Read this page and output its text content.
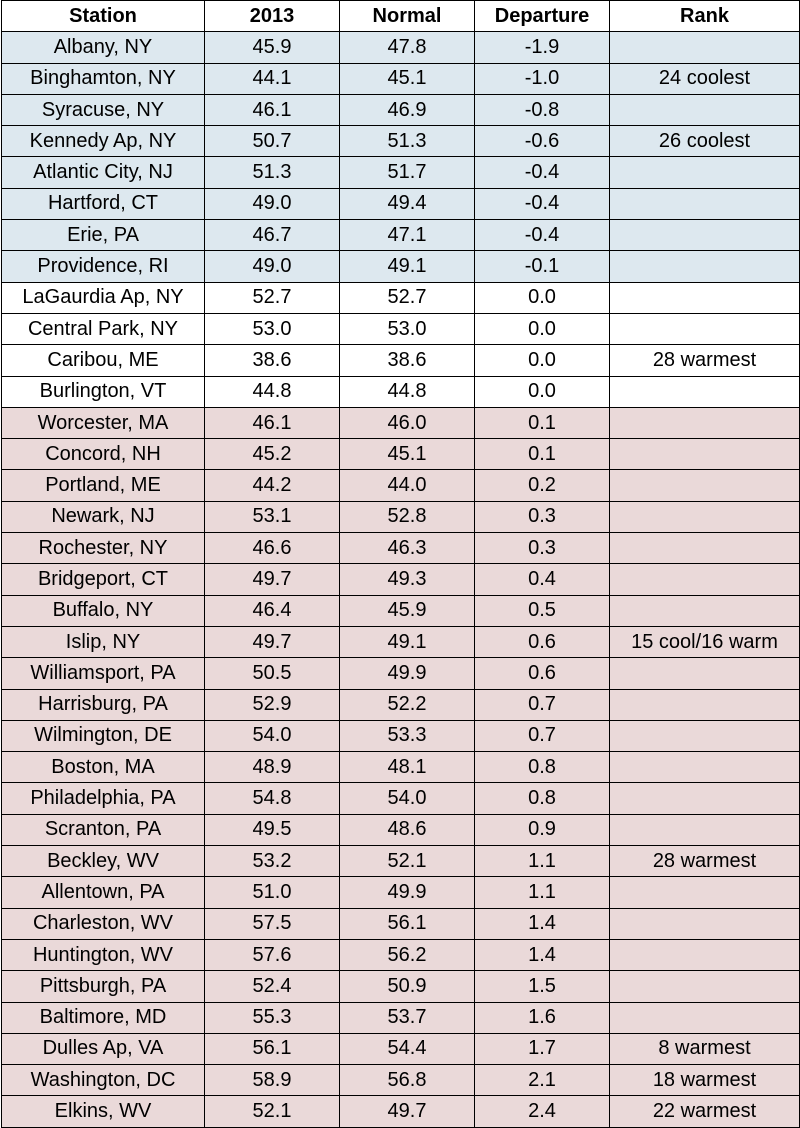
Station	2013	Normal	Departure	Rank
Albany, NY	45.9	47.8	-1.9	
Binghamton, NY	44.1	45.1	-1.0	24 coolest
Syracuse, NY	46.1	46.9	-0.8	
Kennedy Ap, NY	50.7	51.3	-0.6	26 coolest
Atlantic City, NJ	51.3	51.7	-0.4	
Hartford, CT	49.0	49.4	-0.4	
Erie, PA	46.7	47.1	-0.4	
Providence, RI	49.0	49.1	-0.1	
LaGaurdia Ap, NY	52.7	52.7	0.0	
Central Park, NY	53.0	53.0	0.0	
Caribou, ME	38.6	38.6	0.0	28 warmest
Burlington, VT	44.8	44.8	0.0	
Worcester, MA	46.1	46.0	0.1	
Concord, NH	45.2	45.1	0.1	
Portland, ME	44.2	44.0	0.2	
Newark, NJ	53.1	52.8	0.3	
Rochester, NY	46.6	46.3	0.3	
Bridgeport, CT	49.7	49.3	0.4	
Buffalo, NY	46.4	45.9	0.5	
Islip, NY	49.7	49.1	0.6	15 cool/16 warm
Williamsport, PA	50.5	49.9	0.6	
Harrisburg, PA	52.9	52.2	0.7	
Wilmington, DE	54.0	53.3	0.7	
Boston, MA	48.9	48.1	0.8	
Philadelphia, PA	54.8	54.0	0.8	
Scranton, PA	49.5	48.6	0.9	
Beckley, WV	53.2	52.1	1.1	28 warmest
Allentown, PA	51.0	49.9	1.1	
Charleston, WV	57.5	56.1	1.4	
Huntington, WV	57.6	56.2	1.4	
Pittsburgh, PA	52.4	50.9	1.5	
Baltimore, MD	55.3	53.7	1.6	
Dulles Ap, VA	56.1	54.4	1.7	8 warmest
Washington, DC	58.9	56.8	2.1	18 warmest
Elkins, WV	52.1	49.7	2.4	22 warmest
